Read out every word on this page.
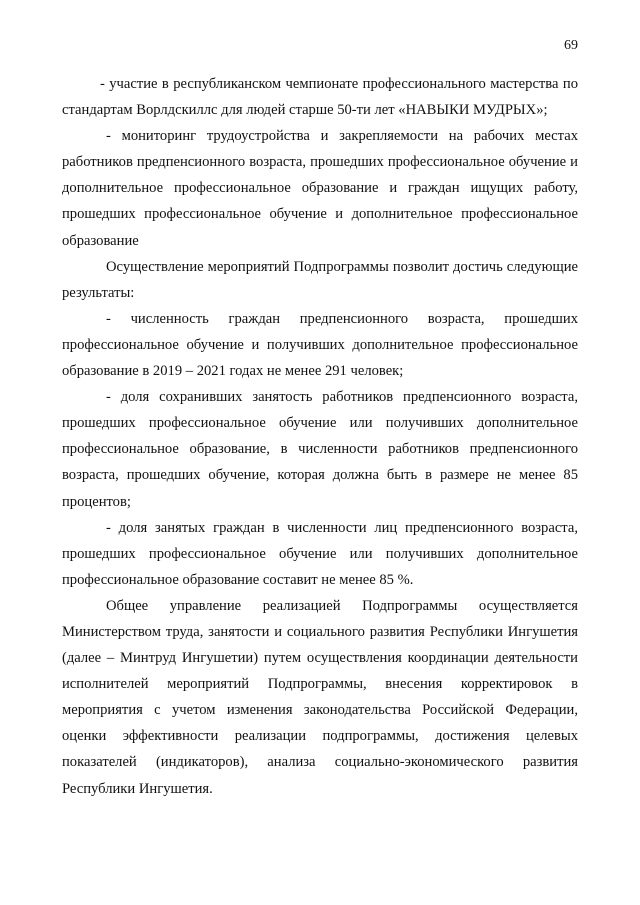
69

- участие в республиканском чемпионате профессионального мастерства по стандартам Ворлдскиллс для людей старше 50-ти лет «НАВЫКИ МУДРЫХ»;

- мониторинг трудоустройства и закрепляемости на рабочих местах работников предпенсионного возраста, прошедших профессиональное обучение и дополнительное профессиональное образование и граждан ищущих работу, прошедших профессиональное обучение и дополнительное профессиональное образование

Осуществление мероприятий Подпрограммы позволит достичь следующие результаты:

- численность граждан предпенсионного возраста, прошедших профессиональное обучение и получивших дополнительное профессиональное образование в 2019 – 2021 годах не менее 291 человек;

- доля сохранивших занятость работников предпенсионного возраста, прошедших профессиональное обучение или получивших дополнительное профессиональное образование, в численности работников предпенсионного возраста, прошедших обучение, которая должна быть в размере не менее 85 процентов;

- доля занятых граждан в численности лиц предпенсионного возраста, прошедших профессиональное обучение или получивших дополнительное профессиональное образование составит не менее 85 %.

Общее управление реализацией Подпрограммы осуществляется Министерством труда, занятости и социального развития Республики Ингушетия (далее – Минтруд Ингушетии) путем осуществления координации деятельности исполнителей мероприятий Подпрограммы, внесения корректировок в мероприятия с учетом изменения законодательства Российской Федерации, оценки эффективности реализации подпрограммы, достижения целевых показателей (индикаторов), анализа социально-экономического развития Республики Ингушетия.
